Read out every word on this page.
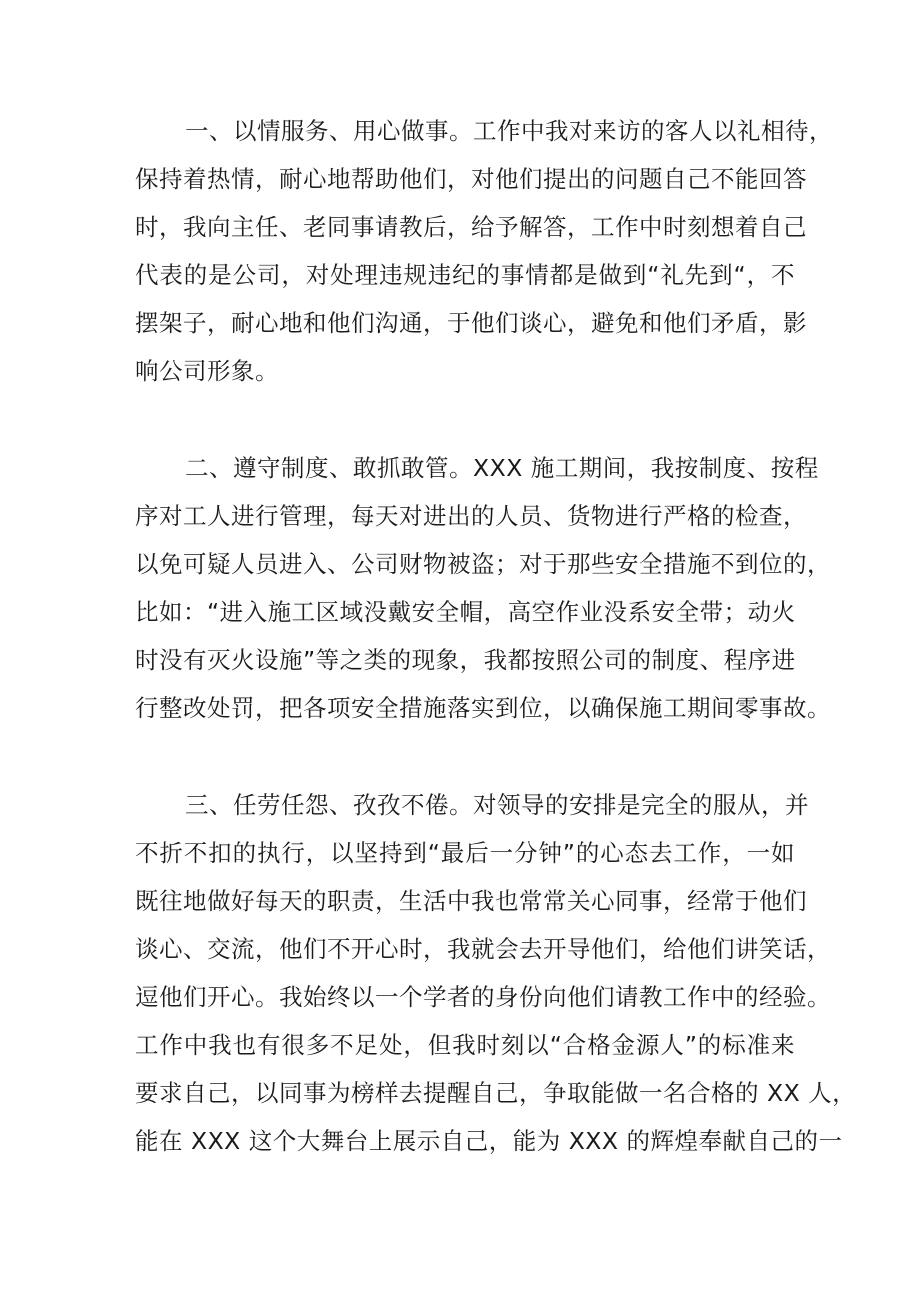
一、以情服务、用心做事。工作中我对来访的客人以礼相待，
保持着热情，耐心地帮助他们，对他们提出的问题自己不能回答
时，我向主任、老同事请教后，给予解答，工作中时刻想着自己
代表的是公司，对处理违规违纪的事情都是做到“礼先到“，不
摆架子，耐心地和他们沟通，于他们谈心，避免和他们矛盾，影
响公司形象。
二、遵守制度、敢抓敢管。XXX 施工期间，我按制度、按程
序对工人进行管理，每天对进出的人员、货物进行严格的检查，
以免可疑人员进入、公司财物被盗；对于那些安全措施不到位的，
比如：“进入施工区域没戴安全帽，高空作业没系安全带；动火
时没有灭火设施”等之类的现象，我都按照公司的制度、程序进
行整改处罚，把各项安全措施落实到位，以确保施工期间零事故。
三、任劳任怨、孜孜不倦。对领导的安排是完全的服从，并
不折不扣的执行，以坚持到“最后一分钟”的心态去工作，一如
既往地做好每天的职责，生活中我也常常关心同事，经常于他们
谈心、交流，他们不开心时，我就会去开导他们，给他们讲笑话，
逗他们开心。我始终以一个学者的身份向他们请教工作中的经验。
工作中我也有很多不足处，但我时刻以“合格金源人”的标准来
要求自己，以同事为榜样去提醒自己，争取能做一名合格的 XX 人，
能在 XXX 这个大舞台上展示自己，能为 XXX 的辉煌奉献自己的一
